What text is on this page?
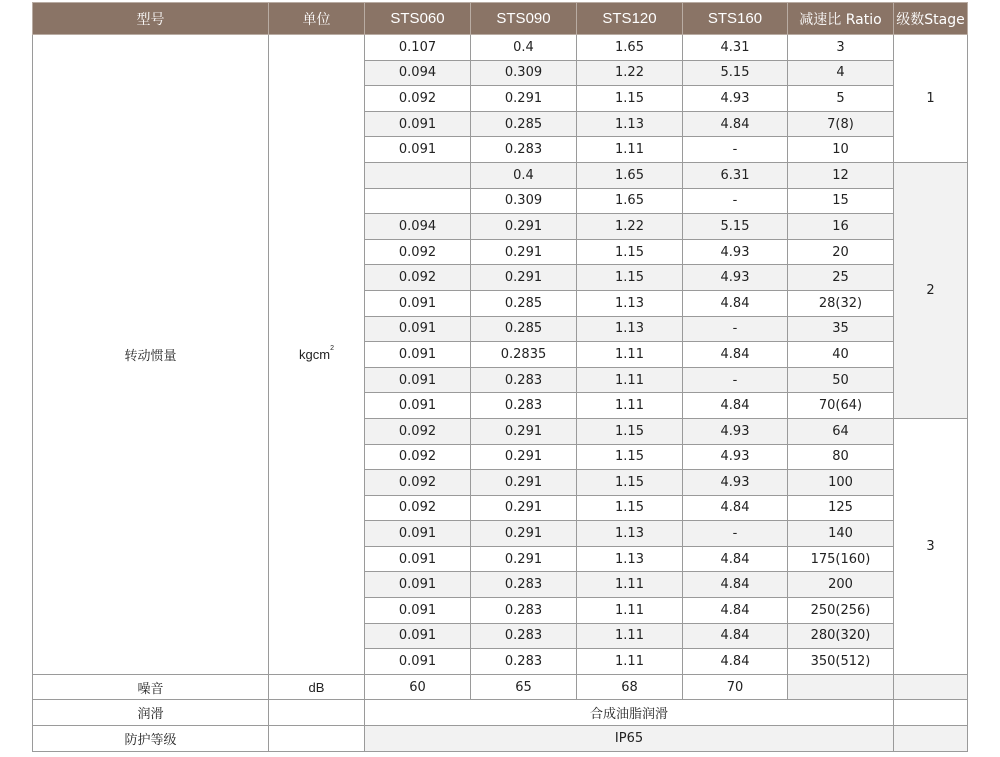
型号	单位	STS060	STS090	STS120	STS160	减速比 Ratio	级数Stage
转动惯量	kgcm$^2$	0.107	0.4	1.65	4.31	3	1
		0.094	0.309	1.22	5.15	4	
		0.092	0.291	1.15	4.93	5	
		0.091	0.285	1.13	4.84	7(8)	
		0.091	0.283	1.11	-	10	
			0.4	1.65	6.31	12	2
			0.309	1.65	-	15	
		0.094	0.291	1.22	5.15	16	
		0.092	0.291	1.15	4.93	20	
		0.092	0.291	1.15	4.93	25	
		0.091	0.285	1.13	4.84	28(32)	
		0.091	0.285	1.13	-	35	
		0.091	0.2835	1.11	4.84	40	
		0.091	0.283	1.11	-	50	
		0.091	0.283	1.11	4.84	70(64)	
		0.092	0.291	1.15	4.93	64	3
		0.092	0.291	1.15	4.93	80	
		0.092	0.291	1.15	4.93	100	
		0.092	0.291	1.15	4.84	125	
		0.091	0.291	1.13	-	140	
		0.091	0.291	1.13	4.84	175(160)	
		0.091	0.283	1.11	4.84	200	
		0.091	0.283	1.11	4.84	250(256)	
		0.091	0.283	1.11	4.84	280(320)	
		0.091	0.283	1.11	4.84	350(512)	
噪音	dB	60	65	68	70		
润滑		合成油脂润滑					
防护等级		IP65					
